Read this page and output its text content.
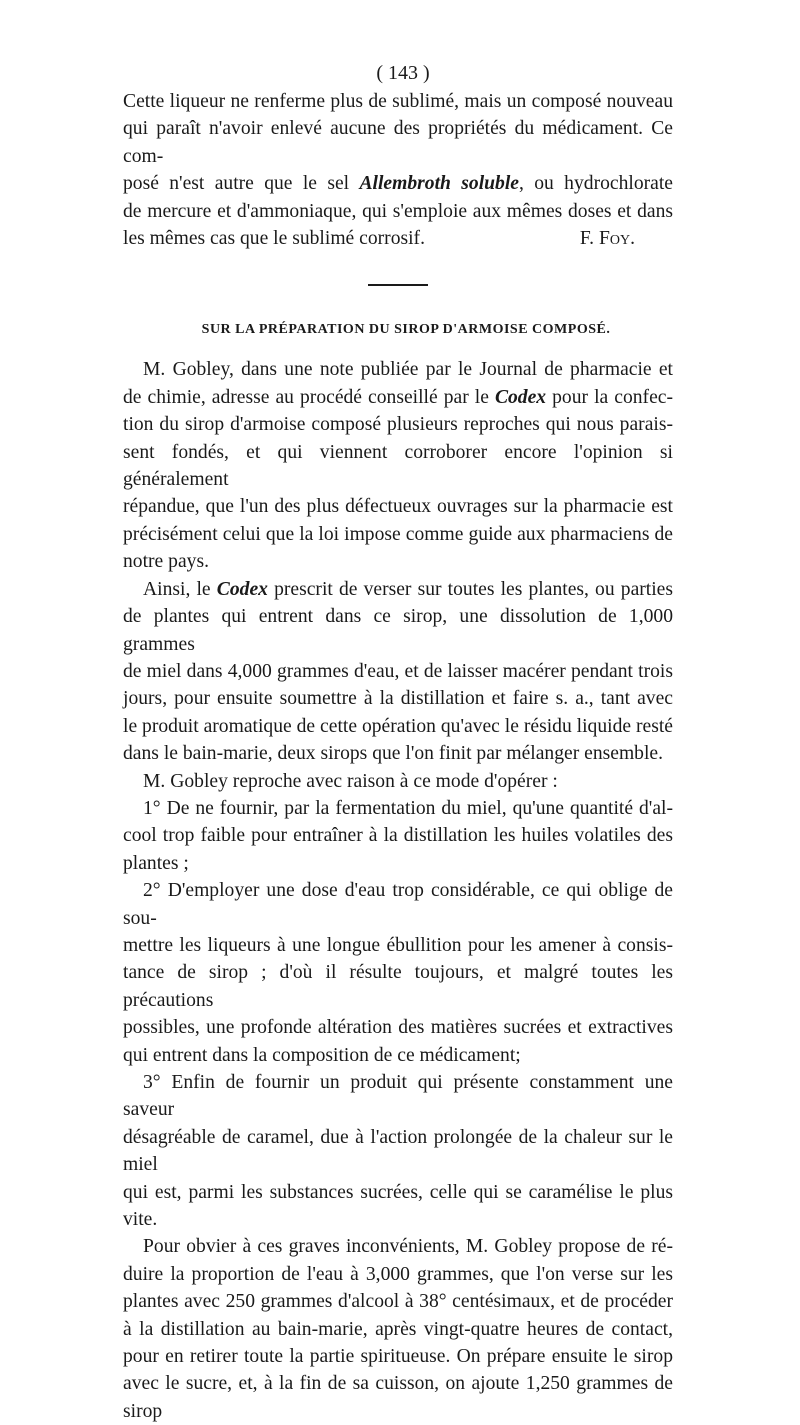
( 143 )

Cette liqueur ne renferme plus de sublimé, mais un composé nouveau

qui paraît n'avoir enlevé aucune des propriétés du médicament. Ce com-

posé n'est autre que le sel Allembroth soluble, ou hydrochlorate

de mercure et d'ammoniaque, qui s'emploie aux mêmes doses et dans

les mêmes cas que le sublimé corrosif.	F. Foy.
SUR LA PRÉPARATION DU SIROP D'ARMOISE COMPOSÉ.

M. Gobley, dans une note publiée par le Journal de pharmacie et

de chimie, adresse au procédé conseillé par le Codex pour la confec-

tion du sirop d'armoise composé plusieurs reproches qui nous parais-

sent fondés, et qui viennent corroborer encore l'opinion si généralement

répandue, que l'un des plus défectueux ouvrages sur la pharmacie est

précisément celui que la loi impose comme guide aux pharmaciens de

notre pays.

Ainsi, le Codex prescrit de verser sur toutes les plantes, ou parties

de plantes qui entrent dans ce sirop, une dissolution de 1,000 grammes

de miel dans 4,000 grammes d'eau, et de laisser macérer pendant trois

jours, pour ensuite soumettre à la distillation et faire s. a., tant avec

le produit aromatique de cette opération qu'avec le résidu liquide resté

dans le bain-marie, deux sirops que l'on finit par mélanger ensemble.

M. Gobley reproche avec raison à ce mode d'opérer :

1° De ne fournir, par la fermentation du miel, qu'une quantité d'al-

cool trop faible pour entraîner à la distillation les huiles volatiles des

plantes ;

2° D'employer une dose d'eau trop considérable, ce qui oblige de sou-

mettre les liqueurs à une longue ébullition pour les amener à consis-

tance de sirop ; d'où il résulte toujours, et malgré toutes les précautions

possibles, une profonde altération des matières sucrées et extractives

qui entrent dans la composition de ce médicament;

3° Enfin de fournir un produit qui présente constamment une saveur

désagréable de caramel, due à l'action prolongée de la chaleur sur le miel

qui est, parmi les substances sucrées, celle qui se caramélise le plus

vite.

Pour obvier à ces graves inconvénients, M. Gobley propose de ré-

duire la proportion de l'eau à 3,000 grammes, que l'on verse sur les

plantes avec 250 grammes d'alcool à 38° centésimaux, et de procéder

à la distillation au bain-marie, après vingt-quatre heures de contact,

pour en retirer toute la partie spiritueuse. On prépare ensuite le sirop

avec le sucre, et, à la fin de sa cuisson, on ajoute 1,250 grammes de sirop
